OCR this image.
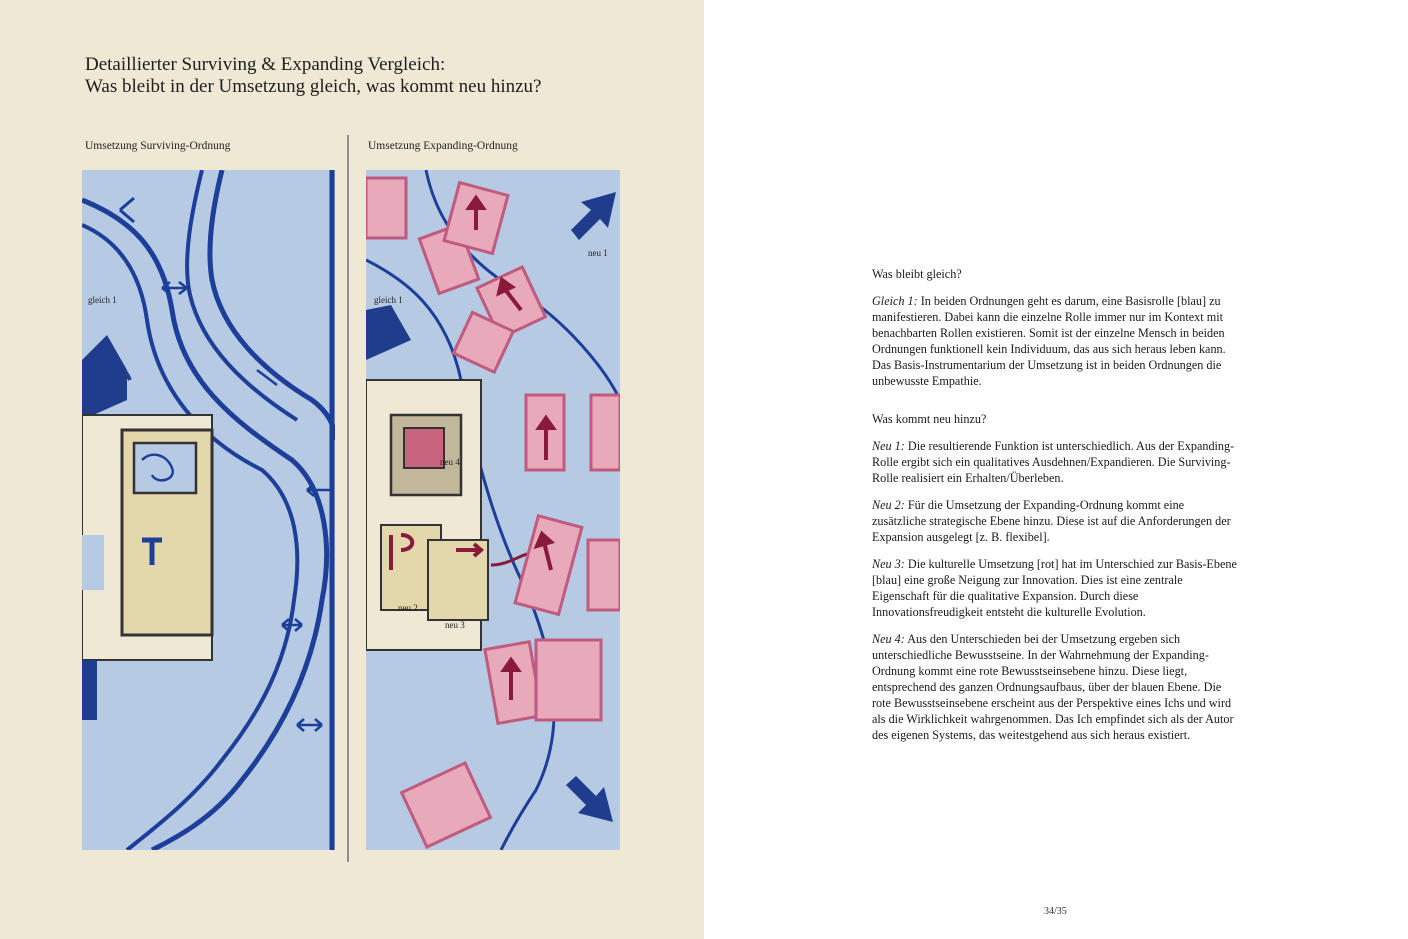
Detaillierter Surviving & Expanding Vergleich:
Was bleibt in der Umsetzung gleich, was kommt neu hinzu?
Umsetzung Surviving-Ordnung	Umsetzung Expanding-Ordnung
gleich 1	gleich 1
neu 1
neu 2
neu 3
neu 4

Was bleibt gleich?

Gleich 1: In beiden Ordnungen geht es darum, eine Basisrolle [blau] zu manifestieren. Dabei kann die einzelne Rolle immer nur im Kontext mit benachbarten Rollen existieren. Somit ist der einzelne Mensch in beiden Ordnungen funktionell kein Individuum, das aus sich heraus leben kann. Das Basis-Instrumentarium der Umsetzung ist in beiden Ordnungen die unbewusste Empathie.

Was kommt neu hinzu?

Neu 1: Die resultierende Funktion ist unterschiedlich. Aus der Expanding-Rolle ergibt sich ein qualitatives Ausdehnen/Expandieren. Die Surviving-Rolle realisiert ein Erhalten/Überleben.

Neu 2: Für die Umsetzung der Expanding-Ordnung kommt eine zusätzliche strategische Ebene hinzu. Diese ist auf die Anforderungen der Expansion ausgelegt [z. B. flexibel].

Neu 3: Die kulturelle Umsetzung [rot] hat im Unterschied zur Basis-Ebene [blau] eine große Neigung zur Innovation. Dies ist eine zentrale Eigenschaft für die qualitative Expansion. Durch diese Innovationsfreudigkeit entsteht die kulturelle Evolution.

Neu 4: Aus den Unterschieden bei der Umsetzung ergeben sich unterschiedliche Bewusstseine. In der Wahrnehmung der Expanding-Ordnung kommt eine rote Bewusstseinsebene hinzu. Diese liegt, entsprechend des ganzen Ordnungsaufbaus, über der blauen Ebene. Die rote Bewusstseinsebene erscheint aus der Perspektive eines Ichs und wird als die Wirklichkeit wahrgenommen. Das Ich empfindet sich als der Autor des eigenen Systems, das weitestgehend aus sich heraus existiert.

34/35
